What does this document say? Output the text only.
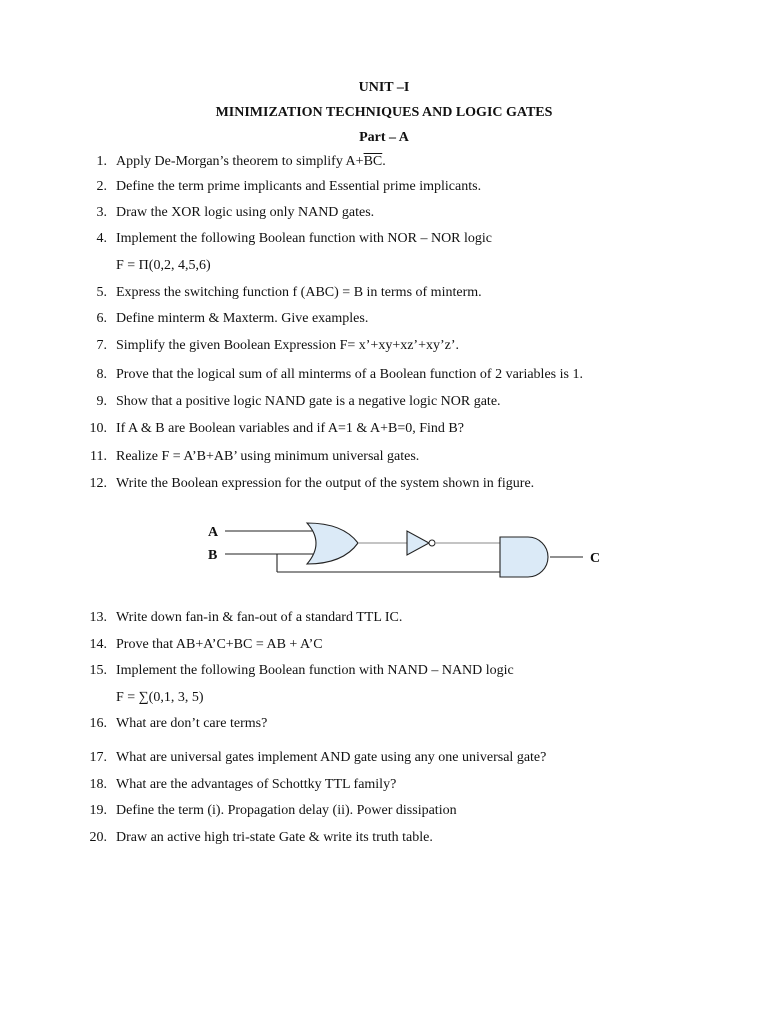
UNIT –I
MINIMIZATION TECHNIQUES AND LOGIC GATES
Part – A
1. Apply De-Morgan’s theorem to simplify $A+\overline{BC}$.
2. Define the term prime implicants and Essential prime implicants.
3. Draw the XOR logic using only NAND gates.
4. Implement the following Boolean function with NOR – NOR logic
F = Π(0,2, 4,5,6)
5. Express the switching function f (ABC) = B in terms of minterm.
6. Define minterm & Maxterm. Give examples.
7. Simplify the given Boolean Expression F= x’+xy+xz’+xy’z’.
8. Prove that the logical sum of all minterms of a Boolean function of 2 variables is 1.
9. Show that a positive logic NAND gate is a negative logic NOR gate.
10. If A & B are Boolean variables and if A=1 & A+B=0, Find B?
11. Realize F = A’B+AB’ using minimum universal gates.
12. Write the Boolean expression for the output of the system shown in figure.
A
B	C
13. Write down fan-in & fan-out of a standard TTL IC.
14. Prove that AB+A’C+BC = AB + A’C
15. Implement the following Boolean function with NAND – NAND logic
F = ∑(0,1, 3, 5)
16. What are don’t care terms?
17. What are universal gates implement AND gate using any one universal gate?
18. What are the advantages of Schottky TTL family?
19. Define the term (i). Propagation delay (ii). Power dissipation
20. Draw an active high tri-state Gate & write its truth table.
